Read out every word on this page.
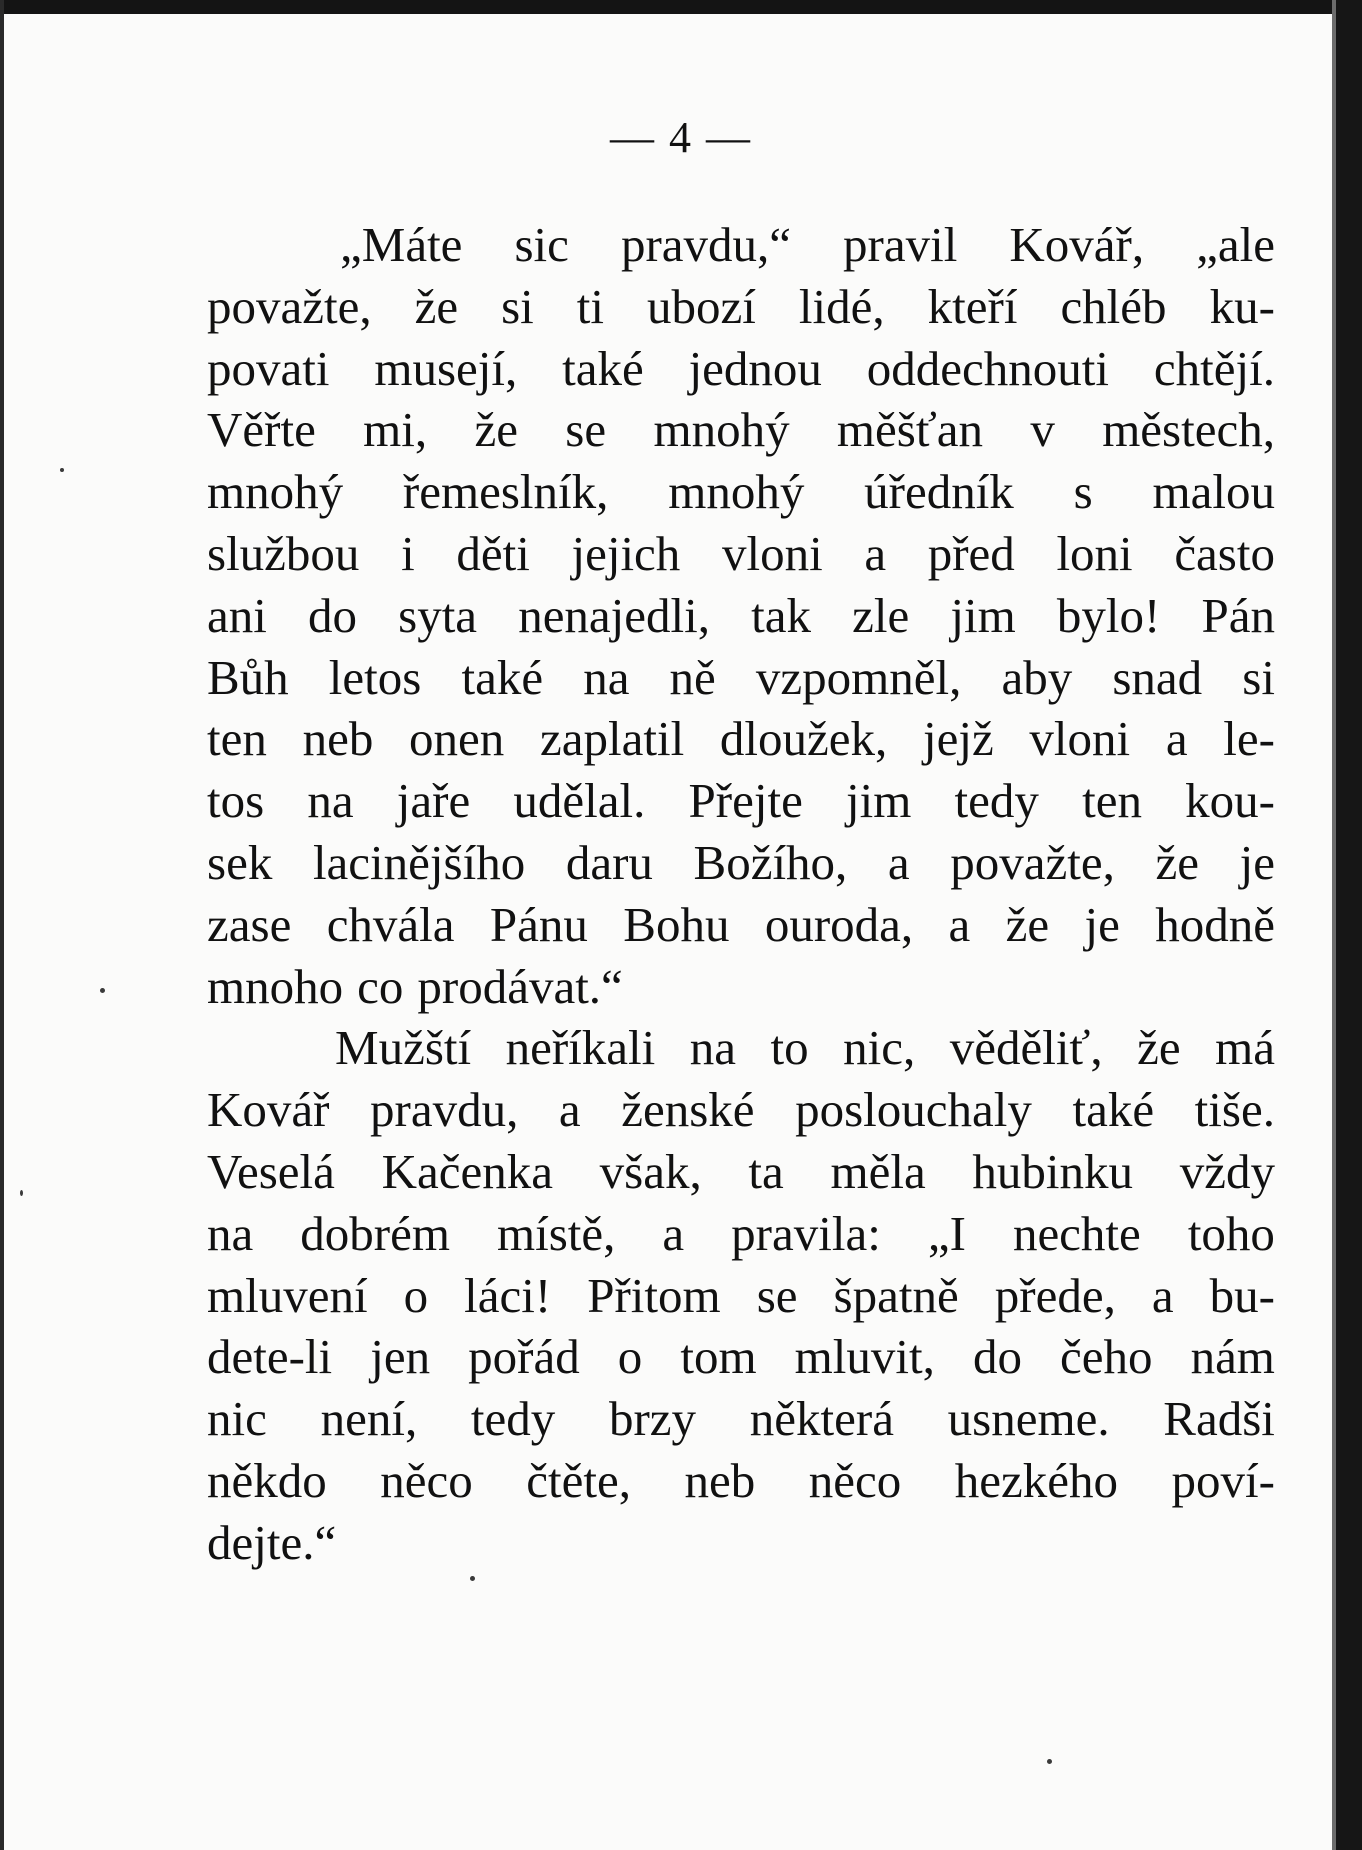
— 4 —
„Máte sic pravdu,“ pravil Kovář, „ale
považte, že si ti ubozí lidé, kteří chléb ku-
povati musejí, také jednou oddechnouti chtějí.
Věřte mi, že se mnohý měšťan v městech,
mnohý řemeslník, mnohý úředník s malou
službou i děti jejich vloni a před loni často
ani do syta nenajedli, tak zle jim bylo! Pán
Bůh letos také na ně vzpomněl, aby snad si
ten neb onen zaplatil dloužek, jejž vloni a le-
tos na jaře udělal. Přejte jim tedy ten kou-
sek lacinějšího daru Božího, a považte, že je
zase chvála Pánu Bohu ouroda, a že je hodně
mnoho co prodávat.“
Mužští neříkali na to nic, věděliť, že má
Kovář pravdu, a ženské poslouchaly také tiše.
Veselá Kačenka však, ta měla hubinku vždy
na dobrém místě, a pravila: „I nechte toho
mluvení o láci! Přitom se špatně přede, a bu-
dete-li jen pořád o tom mluvit, do čeho nám
nic není, tedy brzy některá usneme. Radši
někdo něco čtěte, neb něco hezkého poví-
dejte.“
